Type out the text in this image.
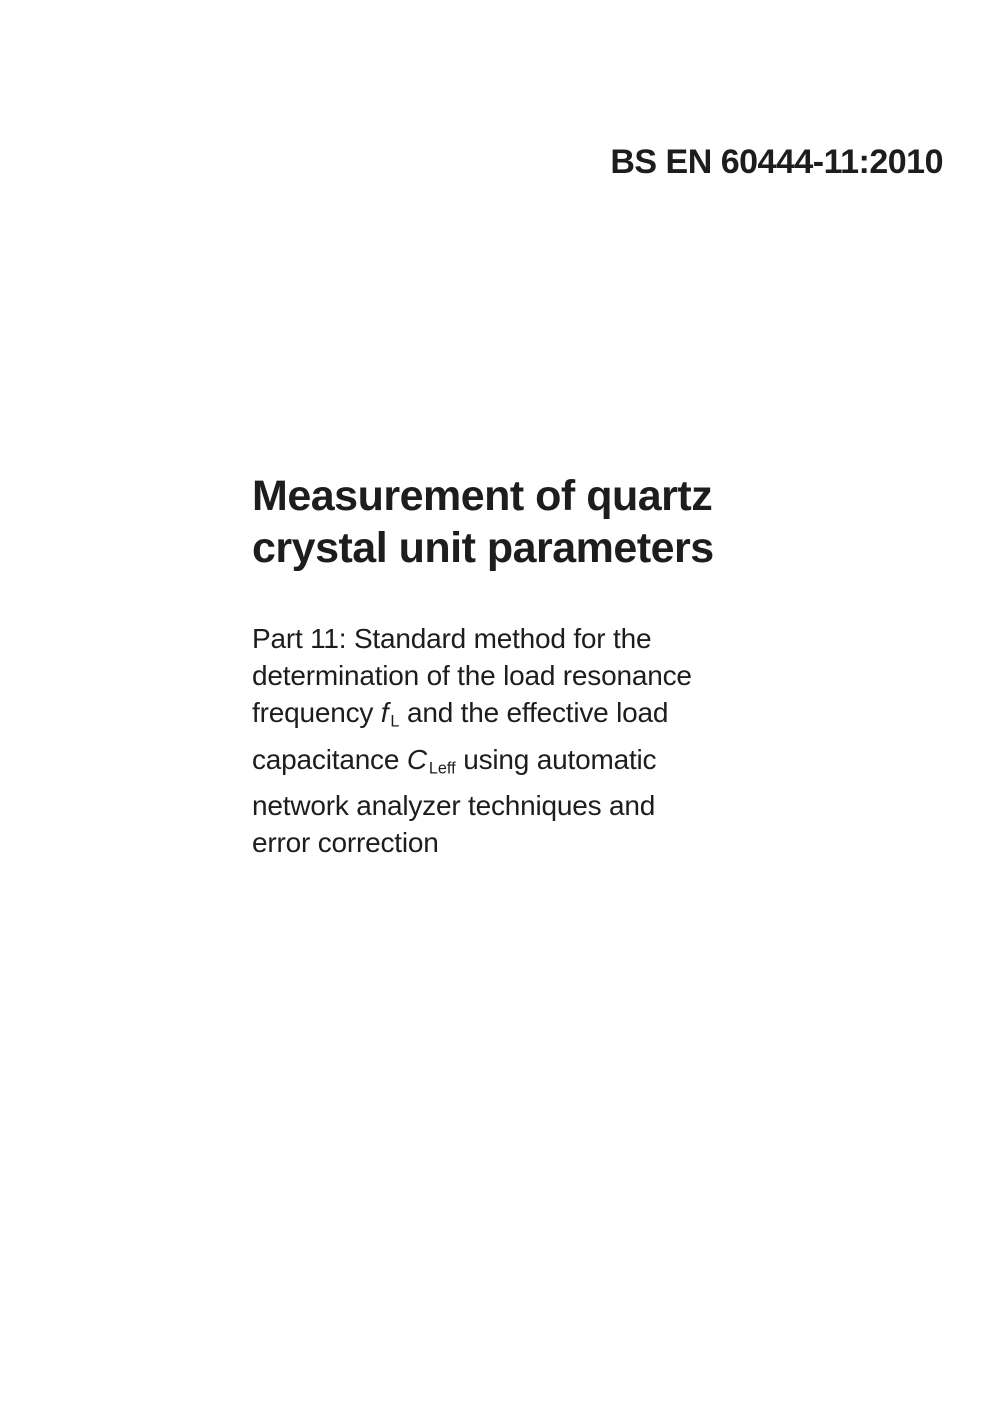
BS EN 60444-11:2010
Measurement of quartz
crystal unit parameters
Part 11: Standard method for the
determination of the load resonance
frequency f L and the effective load
capacitance C Leff using automatic
network analyzer techniques and
error correction
